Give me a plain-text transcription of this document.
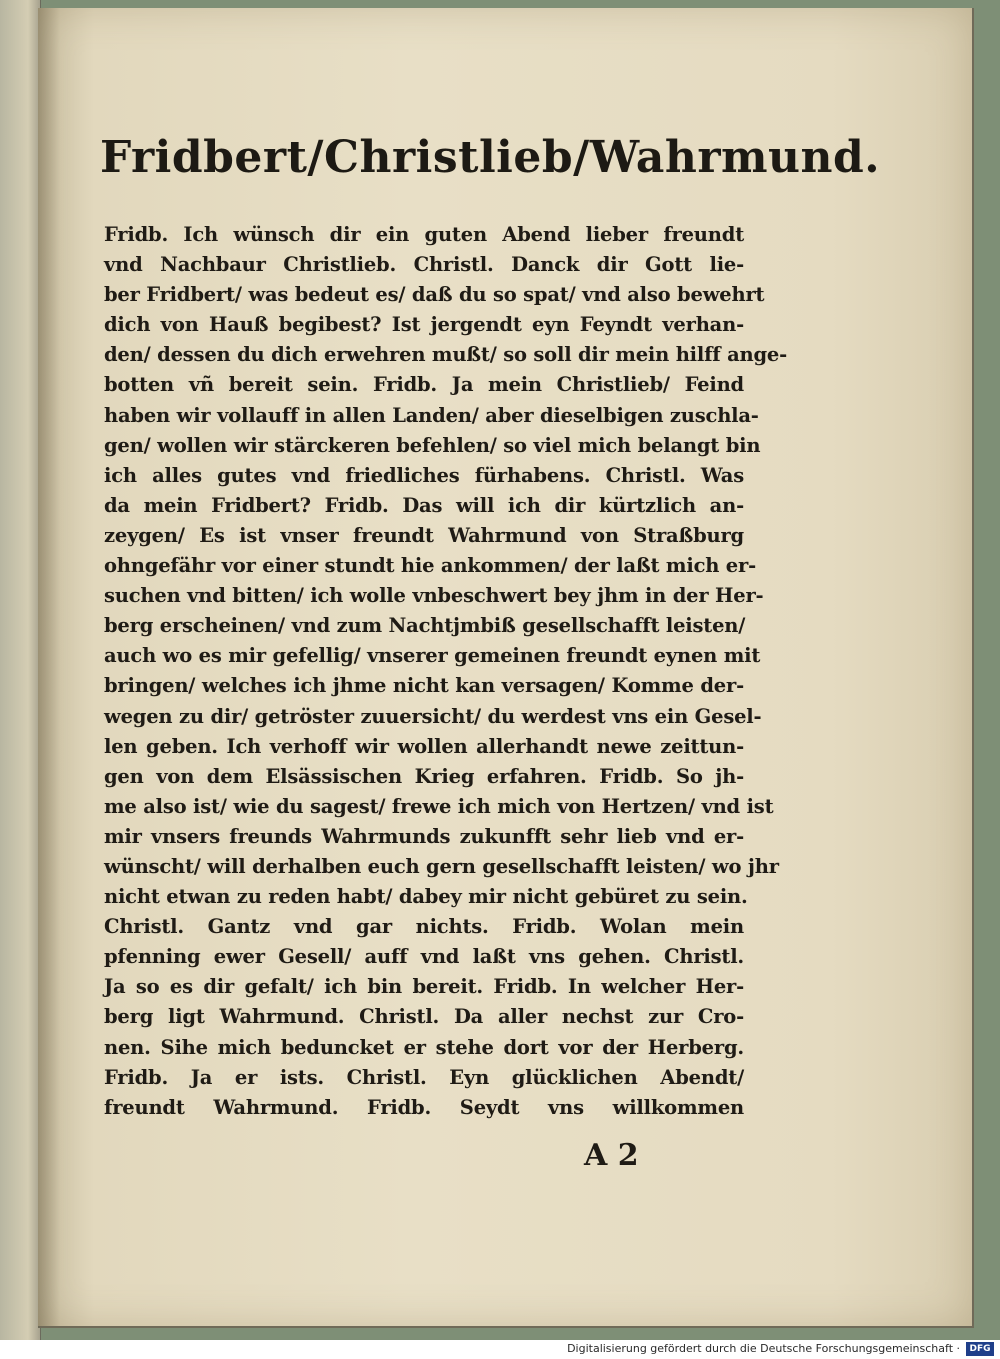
Fridbert/Christlieb/Wahrmund.
Fridb. Ich wünsch dir ein guten Abend lieber freundt
vnd Nachbaur Christlieb. Christl. Danck dir Gott lie-
ber Fridbert/ was bedeut es/ daß du so spat/ vnd also bewehrt
dich von Hauß begibest? Ist jergendt eyn Feyndt verhan-
den/ dessen du dich erwehren mußt/ so soll dir mein hilff ange-
botten vñ bereit sein. Fridb. Ja mein Christlieb/ Feind
haben wir vollauff in allen Landen/ aber dieselbigen zuschla-
gen/ wollen wir stärckeren befehlen/ so viel mich belangt bin
ich alles gutes vnd friedliches fürhabens. Christl. Was
da mein Fridbert? Fridb. Das will ich dir kürtzlich an-
zeygen/ Es ist vnser freundt Wahrmund von Straßburg
ohngefähr vor einer stundt hie ankommen/ der laßt mich er-
suchen vnd bitten/ ich wolle vnbeschwert bey jhm in der Her-
berg erscheinen/ vnd zum Nachtjmbiß gesellschafft leisten/
auch wo es mir gefellig/ vnserer gemeinen freundt eynen mit
bringen/ welches ich jhme nicht kan versagen/ Komme der-
wegen zu dir/ getröster zuuersicht/ du werdest vns ein Gesel-
len geben. Ich verhoff wir wollen allerhandt newe zeittun-
gen von dem Elsässischen Krieg erfahren. Fridb. So jh-
me also ist/ wie du sagest/ frewe ich mich von Hertzen/ vnd ist
mir vnsers freunds Wahrmunds zukunfft sehr lieb vnd er-
wünscht/ will derhalben euch gern gesellschafft leisten/ wo jhr
nicht etwan zu reden habt/ dabey mir nicht gebüret zu sein.
Christl. Gantz vnd gar nichts. Fridb. Wolan mein
pfenning ewer Gesell/ auff vnd laßt vns gehen. Christl.
Ja so es dir gefalt/ ich bin bereit. Fridb. In welcher Her-
berg ligt Wahrmund. Christl. Da aller nechst zur Cro-
nen. Sihe mich beduncket er stehe dort vor der Herberg.
Fridb. Ja er ists. Christl. Eyn glücklichen Abendt/
freundt Wahrmund. Fridb. Seydt vns willkommen
A 2
Digitalisierung gefördert durch die Deutsche Forschungsgemeinschaft ·	DFG
